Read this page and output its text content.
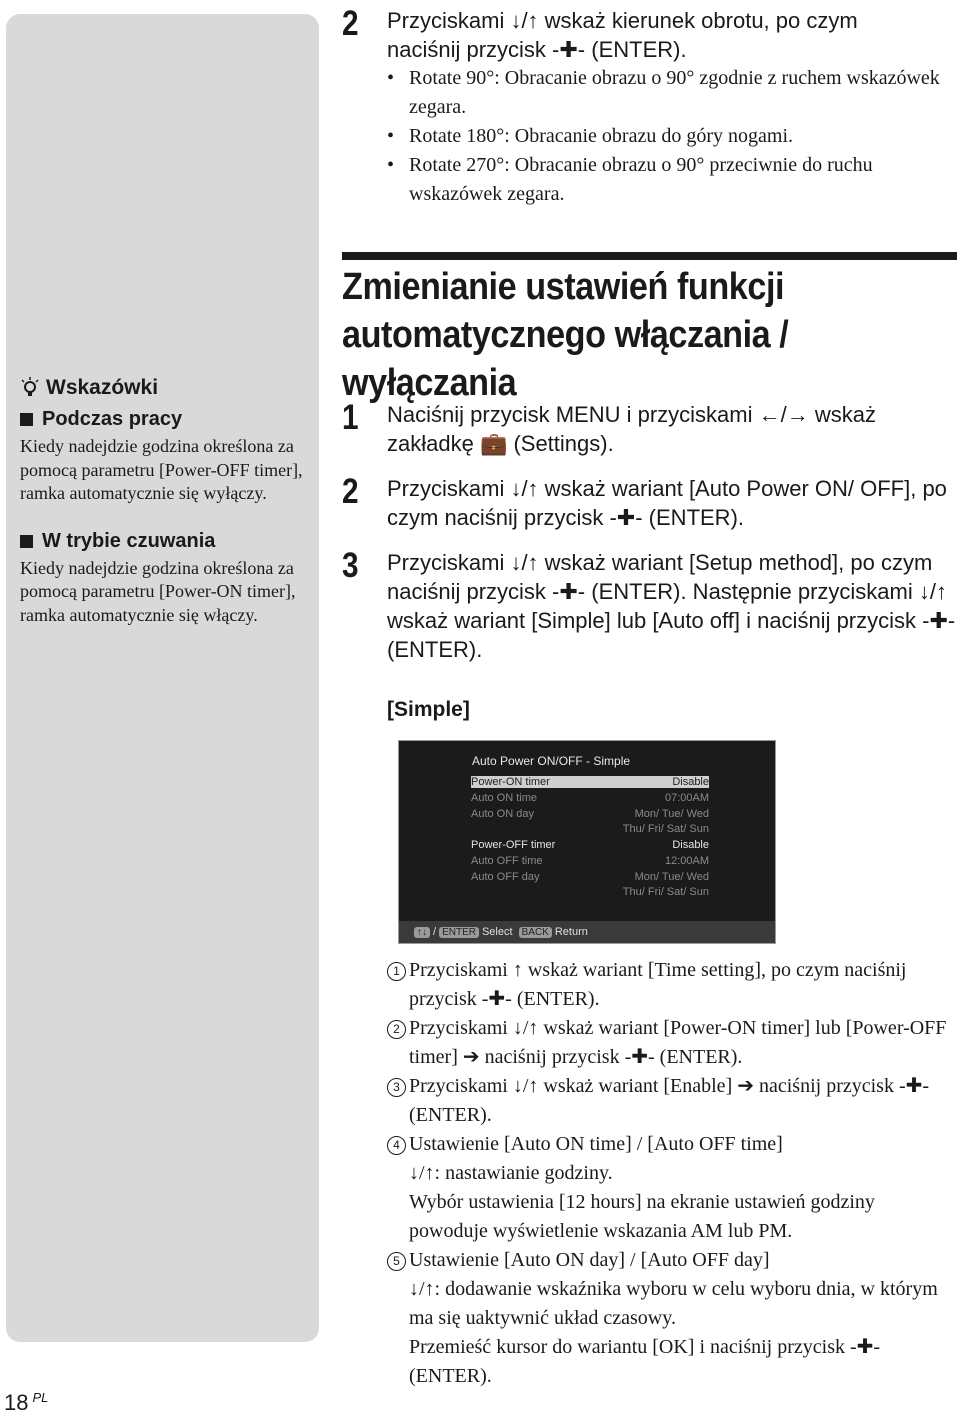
Wskazówki
Podczas pracy

Kiedy nadejdzie godzina określona za pomocą parametru [Power-OFF timer], ramka automatycznie się wyłączy.

W trybie czuwania

Kiedy nadejdzie godzina określona za pomocą parametru [Power-ON timer], ramka automatycznie się włączy.

2	Przyciskami ↓/↑ wskaż kierunek obrotu, po czym
naciśnij przycisk -✚- (ENTER).
• Rotate 90°: Obracanie obrazu o 90° zgodnie z ruchem wskazówek zegara.
• Rotate 180°: Obracanie obrazu do góry nogami.
• Rotate 270°: Obracanie obrazu o 90° przeciwnie do ruchu wskazówek zegara.
Zmienianie ustawień funkcji automatycznego włączania / wyłączania
1	Naciśnij przycisk MENU i przyciskami ←/→ wskaż zakładkę 💼 (Settings).
2	Przyciskami ↓/↑ wskaż wariant [Auto Power ON/ OFF], po czym naciśnij przycisk -✚- (ENTER).
3	Przyciskami ↓/↑ wskaż wariant [Setup method], po czym naciśnij przycisk -✚- (ENTER). Następnie przyciskami ↓/↑ wskaż wariant [Simple] lub [Auto off] i naciśnij przycisk -✚- (ENTER).
[Simple]
Auto Power ON/OFF - Simple
Power-ON timer	Disable
Auto ON time	07:00AM
Auto ON day	Mon/ Tue/ Wed
Thu/ Fri/ Sat/ Sun
Power-OFF timer	Disable
Auto OFF time	12:00AM
Auto OFF day	Mon/ Tue/ Wed
Thu/ Fri/ Sat/ Sun
↑↓ / ENTER Select
BACK Return
1 Przyciskami ↑ wskaż wariant [Time setting], po czym naciśnij przycisk -✚- (ENTER).
2 Przyciskami ↓/↑ wskaż wariant [Power-ON timer] lub [Power-OFF timer] ➔ naciśnij przycisk -✚- (ENTER).
3 Przyciskami ↓/↑ wskaż wariant [Enable] ➔ naciśnij przycisk -✚- (ENTER).
4 Ustawienie [Auto ON time] / [Auto OFF time]
↓/↑: nastawianie godziny.
Wybór ustawienia [12 hours] na ekranie ustawień godziny powoduje wyświetlenie wskazania AM lub PM.
5 Ustawienie [Auto ON day] / [Auto OFF day]
↓/↑: dodawanie wskaźnika wyboru w celu wyboru dnia, w którym ma się uaktywnić układ czasowy.
Przemieść kursor do wariantu [OK] i naciśnij przycisk -✚- (ENTER).
18 $^{PL}$
